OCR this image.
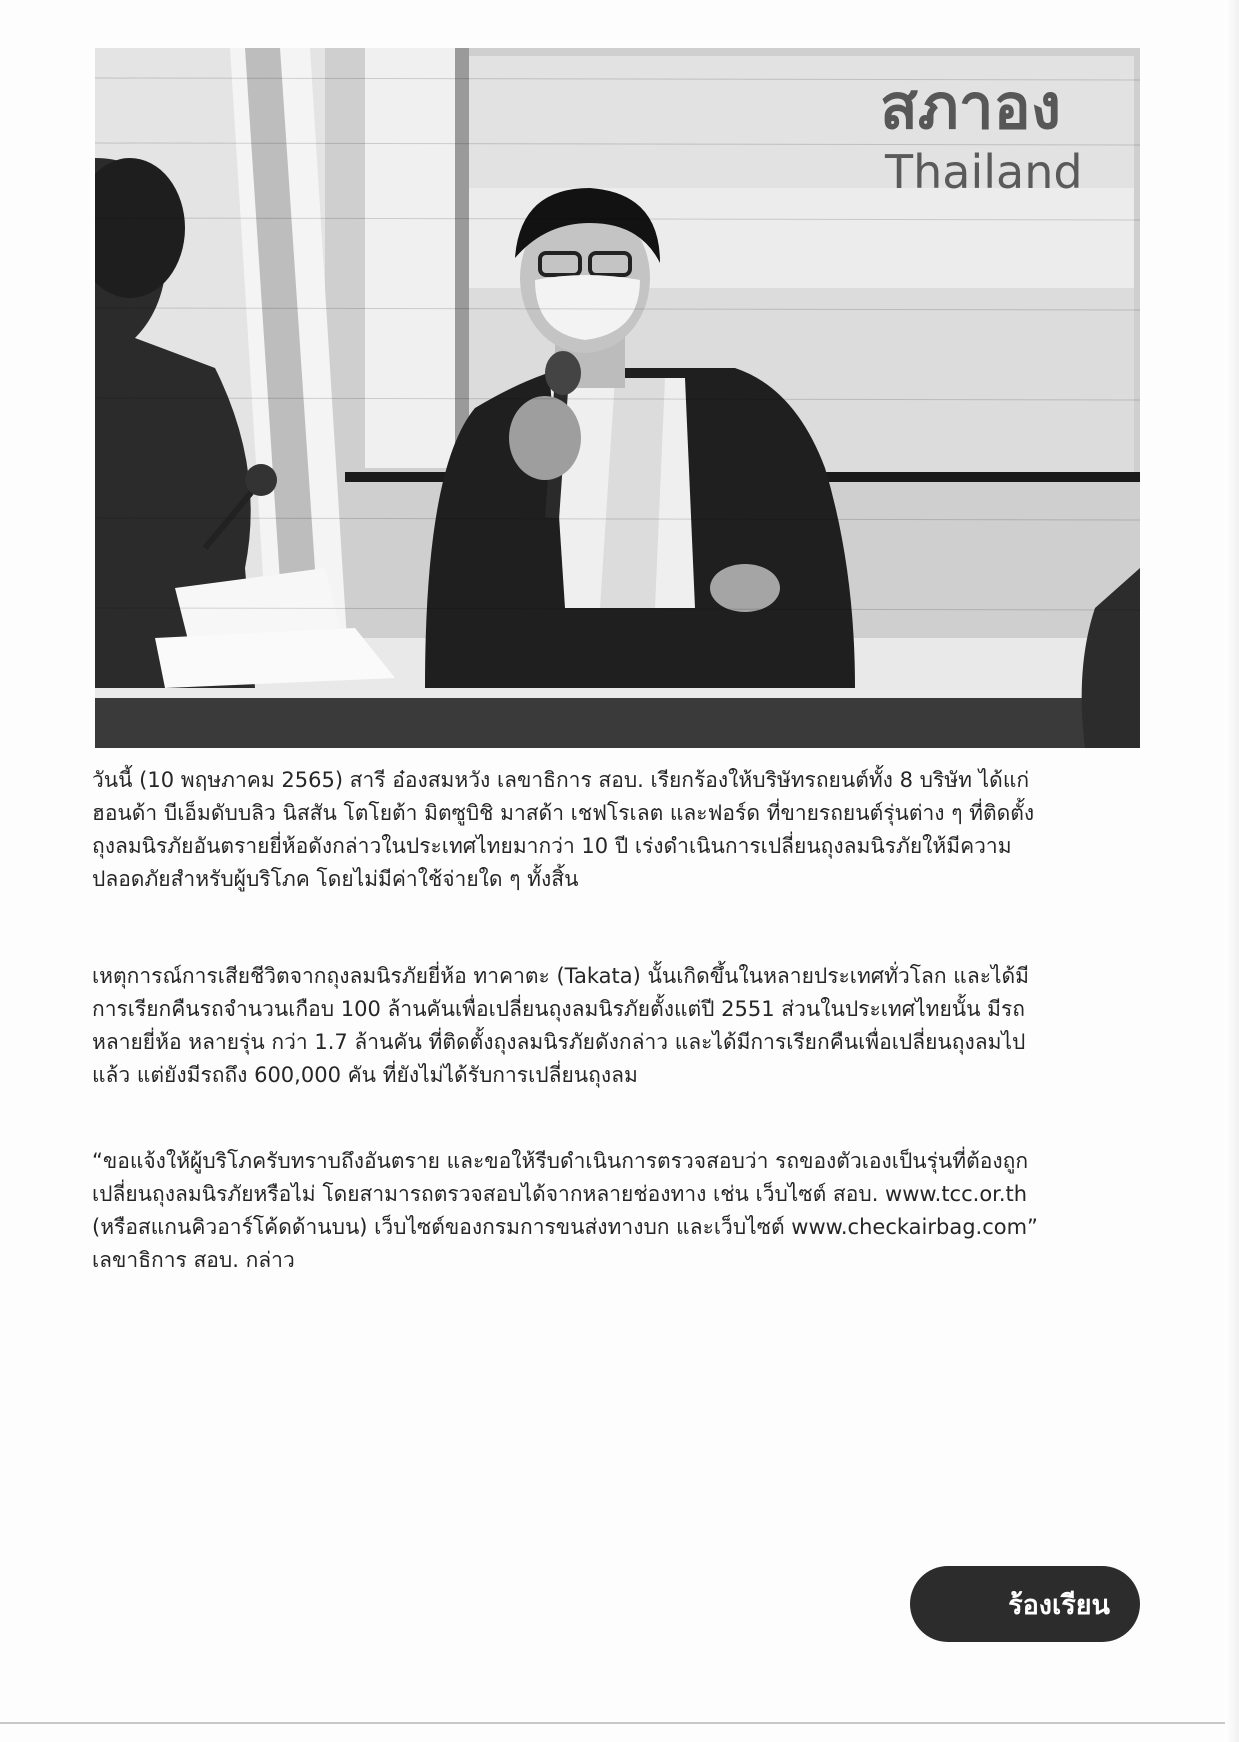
สภาอง
Thailand

วันนี้ (10 พฤษภาคม 2565) สารี อ๋องสมหวัง เลขาธิการ สอบ. เรียกร้องให้บริษัทรถยนต์ทั้ง 8 บริษัท ได้แก่
ฮอนด้า บีเอ็มดับบลิว นิสสัน โตโยต้า มิตซูบิชิ มาสด้า เชฟโรเลต และฟอร์ด ที่ขายรถยนต์รุ่นต่าง ๆ ที่ติดตั้ง
ถุงลมนิรภัยอันตรายยี่ห้อดังกล่าวในประเทศไทยมากว่า 10 ปี เร่งดำเนินการเปลี่ยนถุงลมนิรภัยให้มีความ
ปลอดภัยสำหรับผู้บริโภค โดยไม่มีค่าใช้จ่ายใด ๆ ทั้งสิ้น

เหตุการณ์การเสียชีวิตจากถุงลมนิรภัยยี่ห้อ ทาคาตะ (Takata) นั้นเกิดขึ้นในหลายประเทศทั่วโลก และได้มี
การเรียกคืนรถจำนวนเกือบ 100 ล้านคันเพื่อเปลี่ยนถุงลมนิรภัยตั้งแต่ปี 2551 ส่วนในประเทศไทยนั้น มีรถ
หลายยี่ห้อ หลายรุ่น กว่า 1.7 ล้านคัน ที่ติดตั้งถุงลมนิรภัยดังกล่าว และได้มีการเรียกคืนเพื่อเปลี่ยนถุงลมไป
แล้ว แต่ยังมีรถถึง 600,000 คัน ที่ยังไม่ได้รับการเปลี่ยนถุงลม

“ขอแจ้งให้ผู้บริโภครับทราบถึงอันตราย และขอให้รีบดำเนินการตรวจสอบว่า รถของตัวเองเป็นรุ่นที่ต้องถูก
เปลี่ยนถุงลมนิรภัยหรือไม่ โดยสามารถตรวจสอบได้จากหลายช่องทาง เช่น เว็บไซต์ สอบ. www.tcc.or.th
(หรือสแกนคิวอาร์โค้ดด้านบน) เว็บไซต์ของกรมการขนส่งทางบก และเว็บไซต์ www.checkairbag.com”
เลขาธิการ สอบ. กล่าว

ร้องเรียน
